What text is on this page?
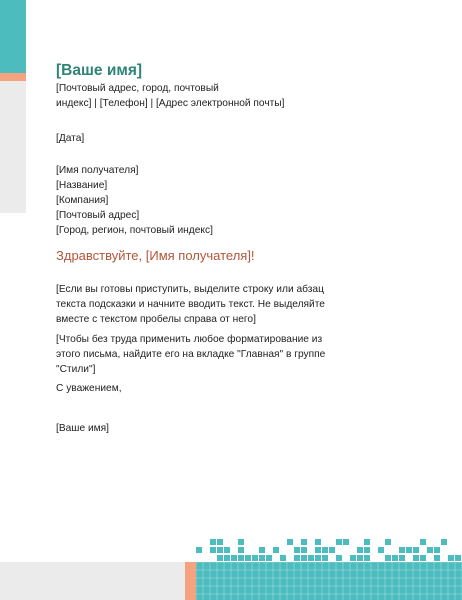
[Ваше имя]
[Почтовый адрес, город, почтовый
индекс] | [Телефон] | [Адрес электронной почты]
[Дата]
[Имя получателя]
[Название]
[Компания]
[Почтовый адрес]
[Город, регион, почтовый индекс]
Здравствуйте, [Имя получателя]!
[Если вы готовы приступить, выделите строку или абзац
текста подсказки и начните вводить текст. Не выделяйте
вместе с текстом пробелы справа от него]
[Чтобы без труда применить любое форматирование из
этого письма, найдите его на вкладке "Главная" в группе
"Стили"]
С уважением,
[Ваше имя]
